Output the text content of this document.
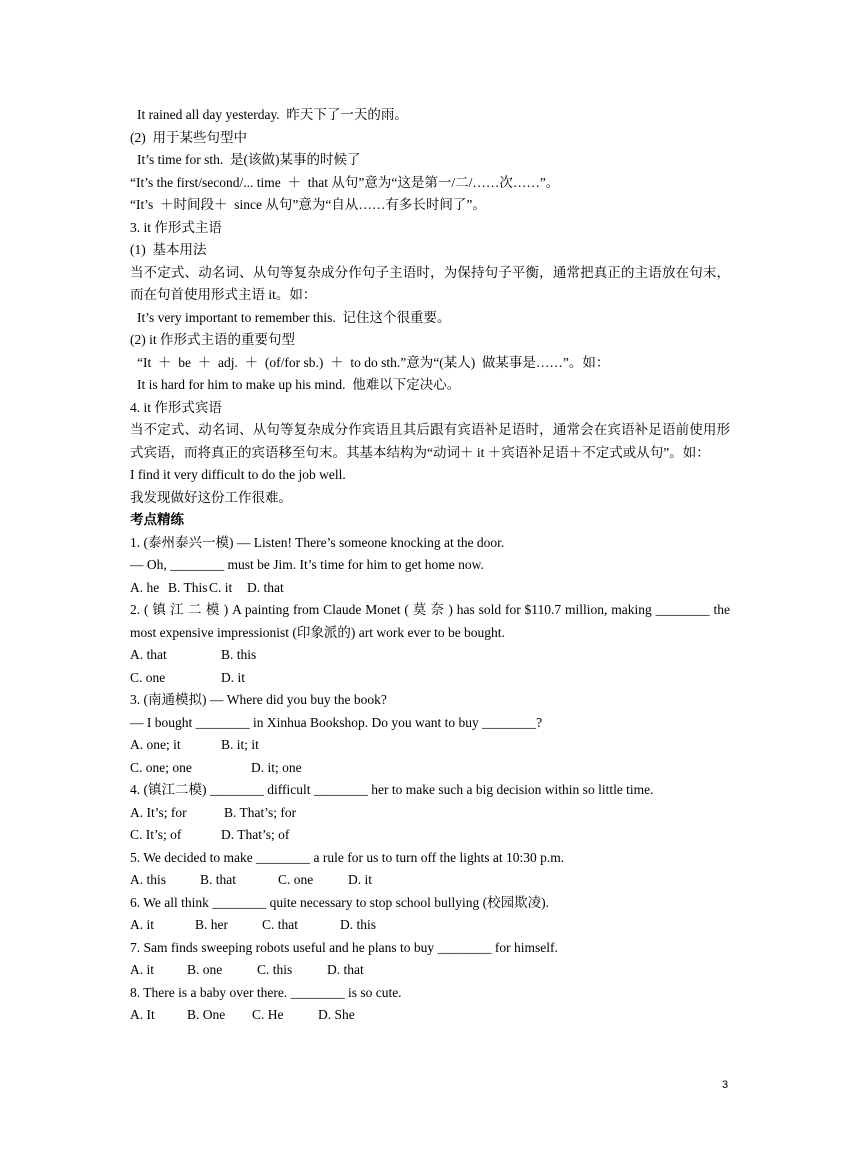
It rained all day yesterday.  昨天下了一天的雨。
(2)  用于某些句型中
It’s time for sth.  是(该做)某事的时候了
“It’s the first/second/... time  ＋  that 从句”意为“这是第一/二/……次……”。
“It’s  ＋时间段＋  since 从句”意为“自从……有多长时间了”。
3. it 作形式主语
(1)  基本用法
当不定式、动名词、从句等复杂成分作句子主语时，为保持句子平衡，通常把真正的主语放在句末，而在句首使用形式主语 it。如：
It’s very important to remember this.  记住这个很重要。
(2) it 作形式主语的重要句型
“It  ＋  be  ＋  adj.  ＋  (of/for sb.)  ＋  to do sth.”意为“(某人)  做某事是……”。如：
It is hard for him to make up his mind.  他难以下定决心。
4. it 作形式宾语
当不定式、动名词、从句等复杂成分作宾语且其后跟有宾语补足语时，通常会在宾语补足语前使用形式宾语，而将真正的宾语移至句末。其基本结构为“动词＋ it ＋宾语补足语＋不定式或从句”。如：
I find it very difficult to do the job well.
我发现做好这份工作很难。
考点精练
1. (泰州泰兴一模) — Listen! There’s someone knocking at the door.
— Oh, ________ must be Jim. It’s time for him to get home now.
A. he B. ThisC. it D. that
2. ( 镇 江 二 模 ) A painting from Claude Monet ( 莫 奈 ) has sold for $110.7 million, making ________ the most expensive impressionist (印象派的) art work ever to be bought.
A. that	B. this
C. one	D. it
3. (南通模拟) — Where did you buy the book?
— I bought ________ in Xinhua Bookshop. Do you want to buy ________?
A. one; it	B. it; it
C. one; one	D. it; one
4. (镇江二模) ________ difficult ________ her to make such a big decision within so little time.
A. It’s; for	B. That’s; for
C. It’s; of	D. That’s; of
5. We decided to make ________ a rule for us to turn off the lights at 10:30 p.m.
A. this	B. that	C. one	D. it
6. We all think ________ quite necessary to stop school bullying (校园欺凌).
A. it	B. her	C. that	D. this
7. Sam finds sweeping robots useful and he plans to buy ________ for himself.
A. it B. one	C. this	D. that
8. There is a baby over there. ________ is so cute.
A. It B. One C. He	D. She
3
